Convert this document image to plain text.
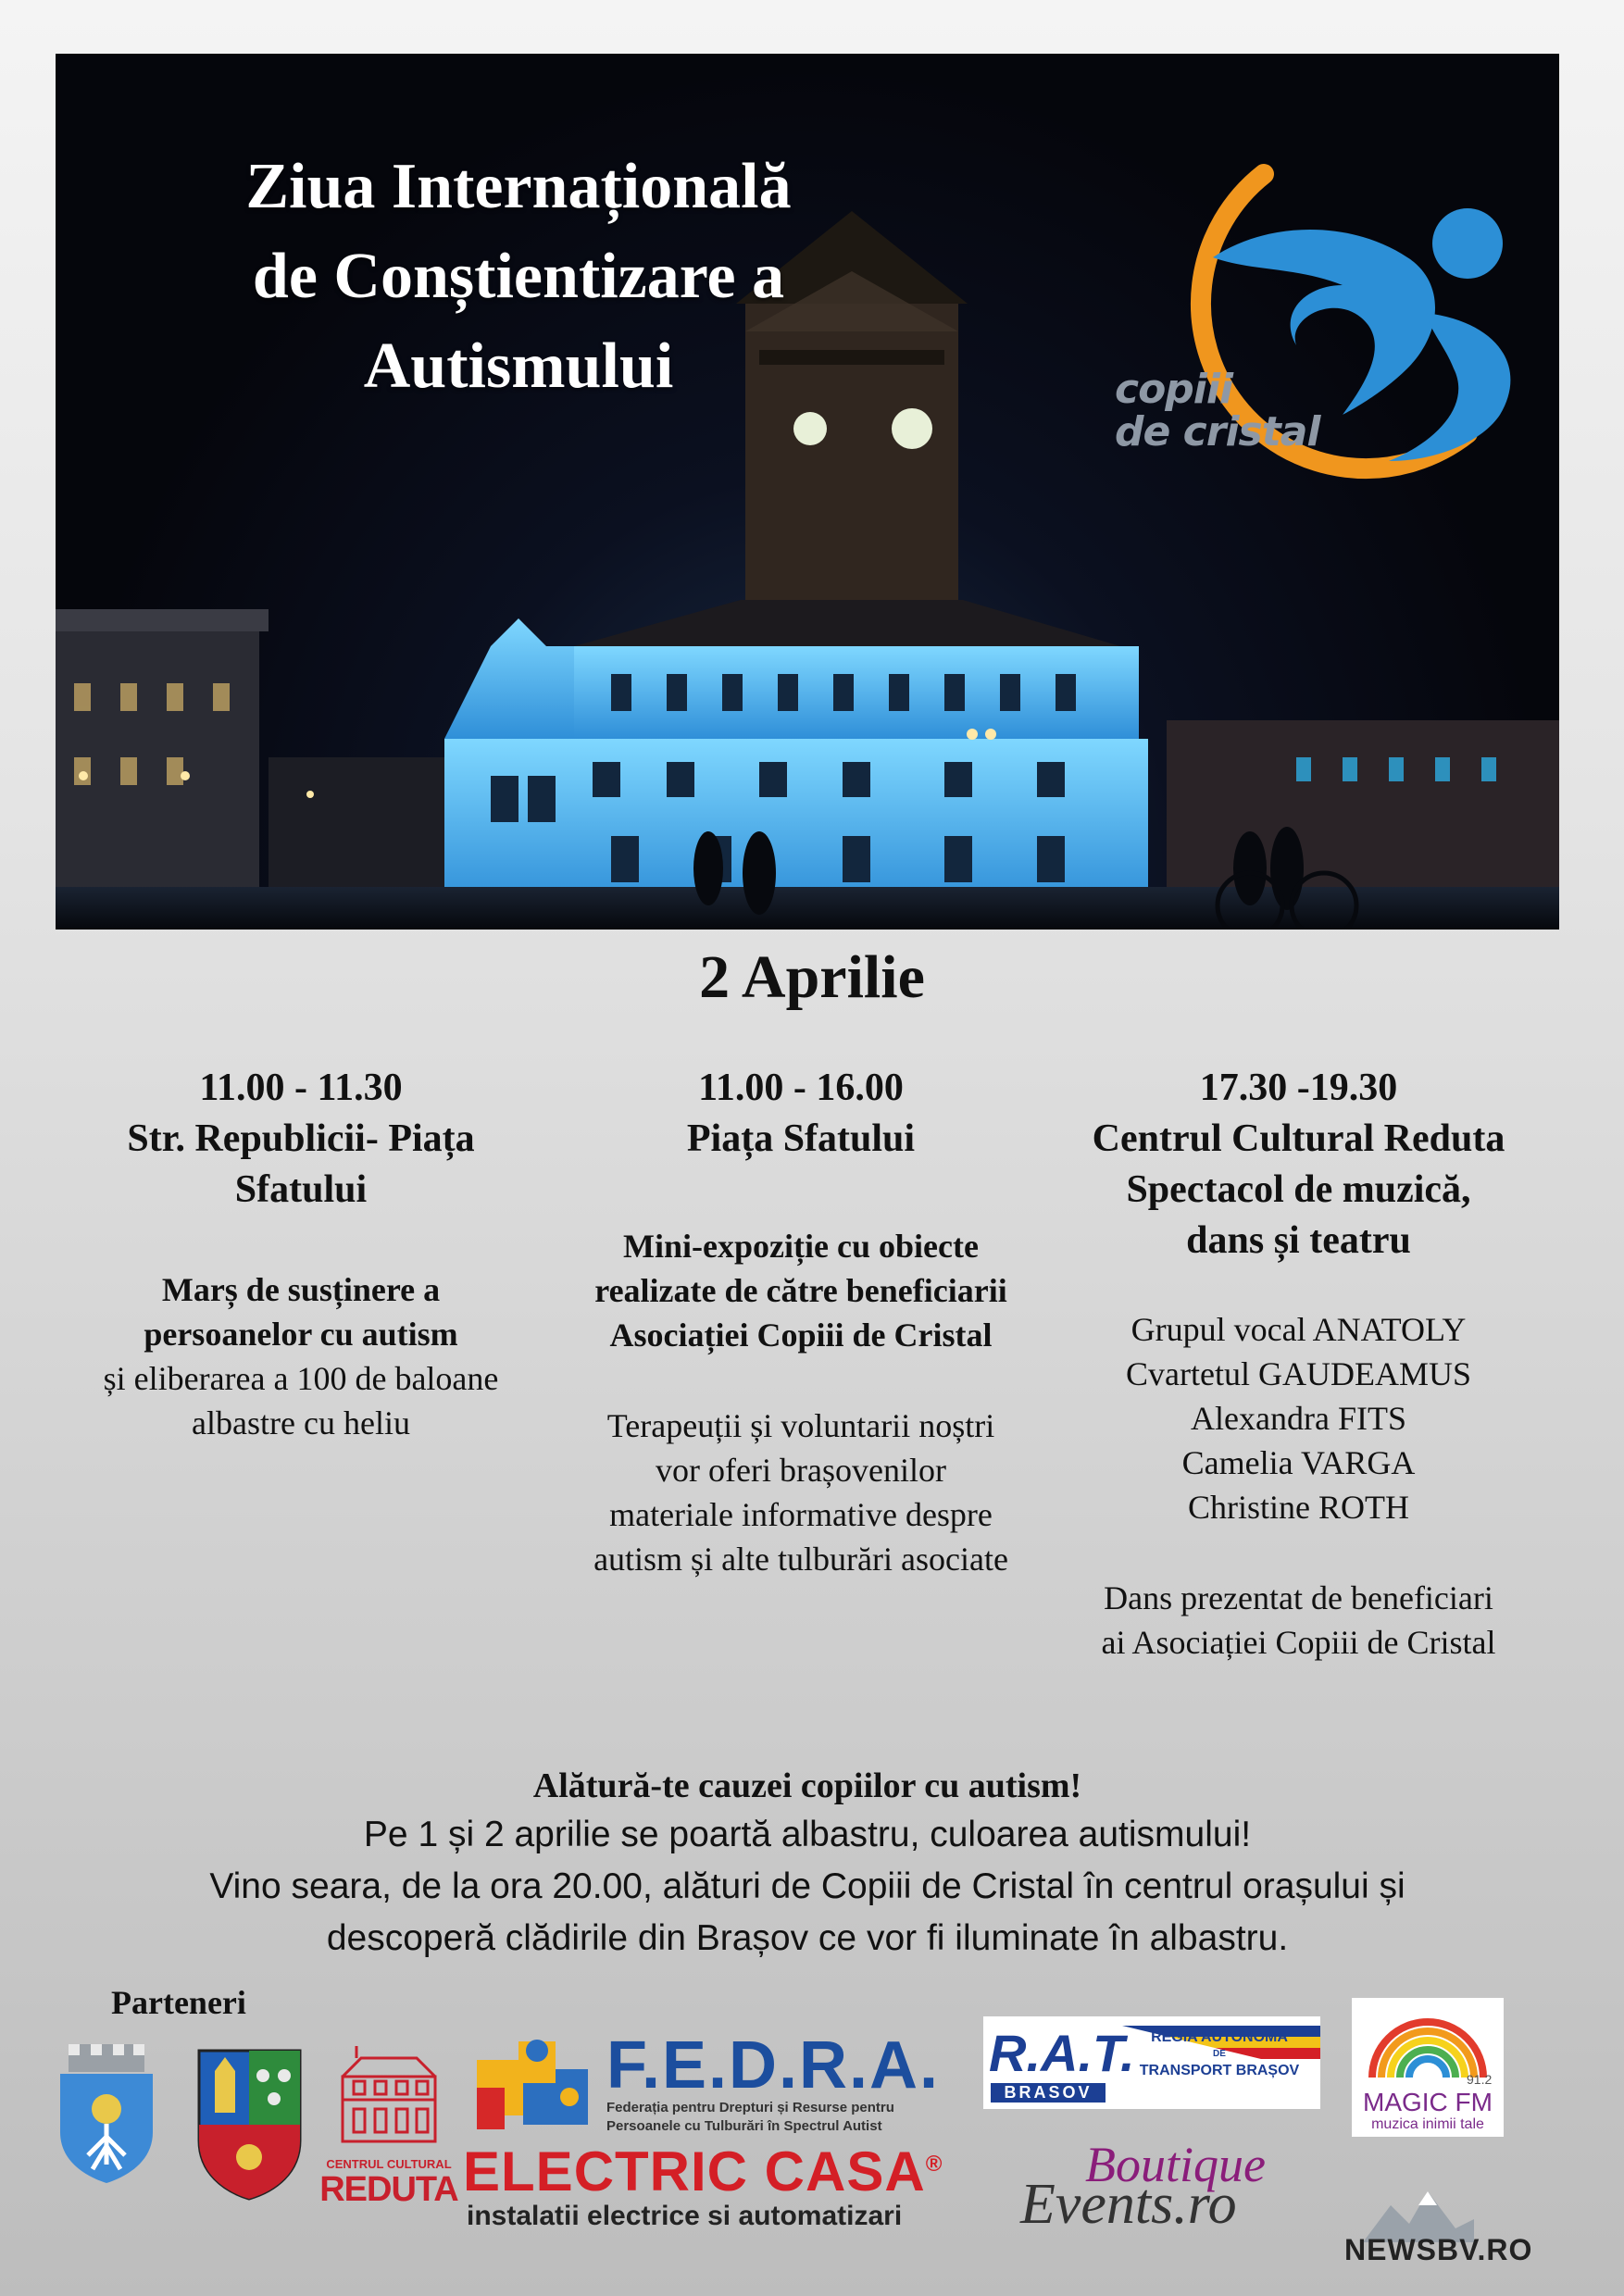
Ziua Internațională
de Conștientizare a
Autismului	copiii
de cristal
2 Aprilie
11.00 - 11.30
Str. Republicii- Piața
Sfatului
Marș de susținere a
persoanelor cu autism
și eliberarea a 100 de baloane
albastre cu heliu
11.00 - 16.00
Piața Sfatului
Mini-expoziție cu obiecte
realizate de către beneficiarii
Asociației Copiii de Cristal
Terapeuții și voluntarii noștri
vor oferi brașovenilor
materiale informative despre
autism și alte tulburări asociate
17.30 -19.30
Centrul Cultural Reduta
Spectacol de muzică,
dans și teatru
Grupul vocal ANATOLY
Cvartetul GAUDEAMUS
Alexandra FITS
Camelia VARGA
Christine ROTH
Dans prezentat de beneficiari
ai Asociației Copiii de Cristal
Alătură-te cauzei copiilor cu autism!
Pe 1 și 2 aprilie se poartă albastru, culoarea autismului!
Vino seara, de la ora 20.00, alături de Copiii de Cristal în centrul orașului și
descoperă clădirile din Brașov ce vor fi iluminate în albastru.
Parteneri
CENTRUL CULTURAL
REDUTA
F.E.D.R.A.
Federația pentru Drepturi și Resurse pentru
Persoanele cu Tulburări în Spectrul Autist
ELECTRIC CASA®
instalatii electrice si automatizari
R.A.T.
BRASOV
REGIA AUTONOMĂ
DE
TRANSPORT BRAȘOV
Boutique
Events.ro
91.2
MAGIC FM
muzica inimii tale
NEWSBV.RO
